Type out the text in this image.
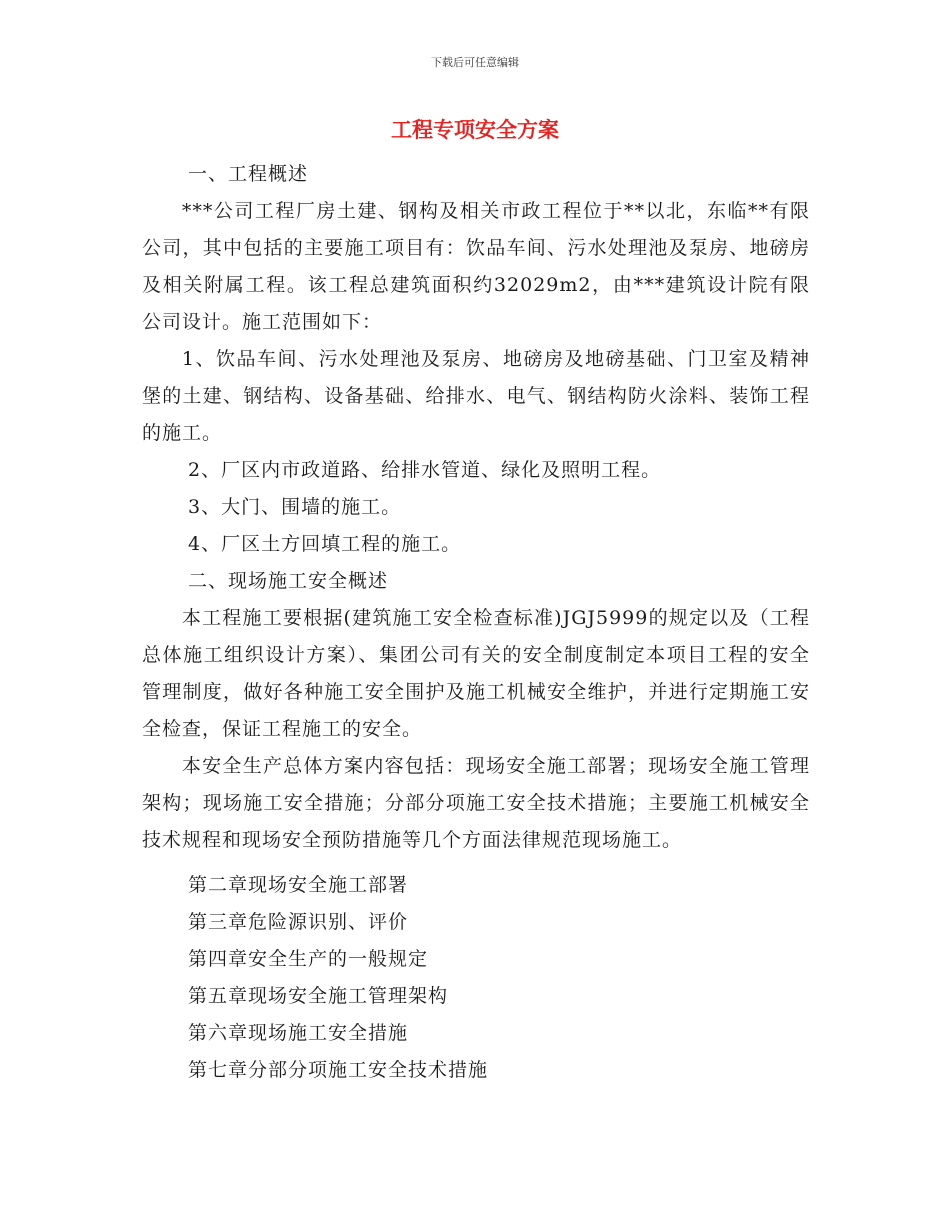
下载后可任意编辑
工程专项安全方案

一、工程概述

***公司工程厂房土建、钢构及相关市政工程位于**以北，东临**有限公司，其中包括的主要施工项目有：饮品车间、污水处理池及泵房、地磅房及相关附属工程。该工程总建筑面积约32029m2，由***建筑设计院有限公司设计。施工范围如下：

1、饮品车间、污水处理池及泵房、地磅房及地磅基础、门卫室及精神堡的土建、钢结构、设备基础、给排水、电气、钢结构防火涂料、装饰工程的施工。

2、厂区内市政道路、给排水管道、绿化及照明工程。

3、大门、围墙的施工。

4、厂区土方回填工程的施工。

二、现场施工安全概述

本工程施工要根据(建筑施工安全检查标准)JGJ5999的规定以及（工程总体施工组织设计方案）、集团公司有关的安全制度制定本项目工程的安全管理制度，做好各种施工安全围护及施工机械安全维护，并进行定期施工安全检查，保证工程施工的安全。

本安全生产总体方案内容包括：现场安全施工部署；现场安全施工管理架构；现场施工安全措施；分部分项施工安全技术措施；主要施工机械安全技术规程和现场安全预防措施等几个方面法律规范现场施工。

第二章现场安全施工部署

第三章危险源识别、评价

第四章安全生产的一般规定

第五章现场安全施工管理架构

第六章现场施工安全措施

第七章分部分项施工安全技术措施
